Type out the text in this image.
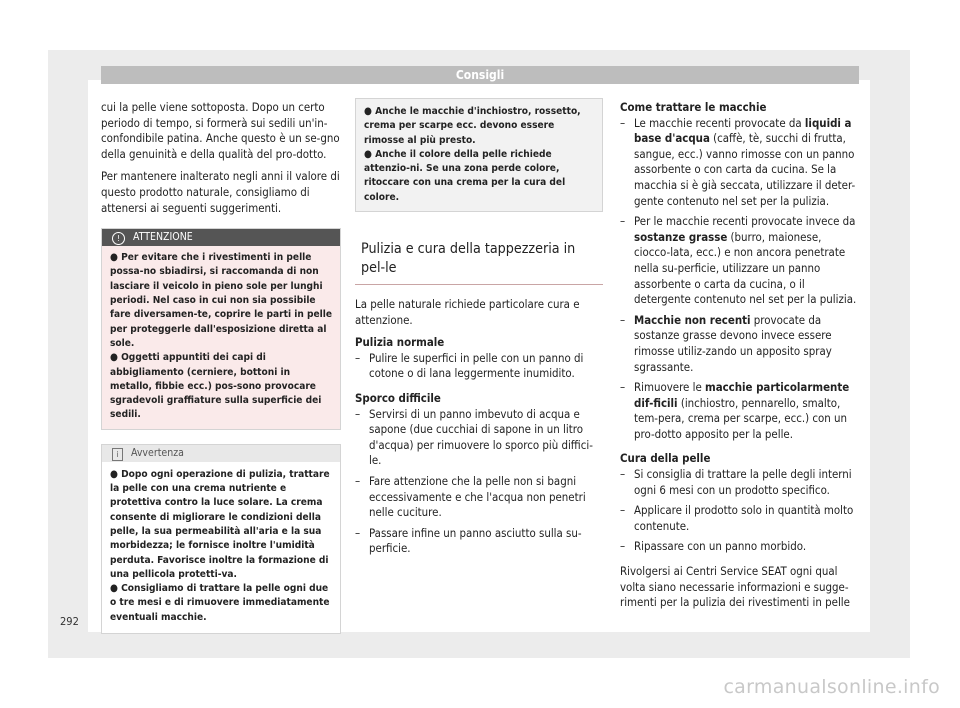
Consigli

cui la pelle viene sottoposta. Dopo un certo periodo di tempo, si formerà sui sedili un'in-confondibile patina. Anche questo è un se-gno della genuinità e della qualità del pro-dotto.

Per mantenere inalterato negli anni il valore di questo prodotto naturale, consigliamo di attenersi ai seguenti suggerimenti.

! ATTENZIONE

● Per evitare che i rivestimenti in pelle possa-no sbiadirsi, si raccomanda di non lasciare il veicolo in pieno sole per lunghi periodi. Nel caso in cui non sia possibile fare diversamen-te, coprire le parti in pelle per proteggerle dall'esposizione diretta al sole.

● Oggetti appuntiti dei capi di abbigliamento (cerniere, bottoni in metallo, fibbie ecc.) pos-sono provocare sgradevoli graffiature sulla superficie dei sedili.

i Avvertenza

● Dopo ogni operazione di pulizia, trattare la pelle con una crema nutriente e protettiva contro la luce solare. La crema consente di migliorare le condizioni della pelle, la sua permeabilità all'aria e la sua morbidezza; le fornisce inoltre l'umidità perduta. Favorisce inoltre la formazione di una pellicola protetti-va.

● Consigliamo di trattare la pelle ogni due o tre mesi e di rimuovere immediatamente eventuali macchie.

● Anche le macchie d'inchiostro, rossetto, crema per scarpe ecc. devono essere rimosse al più presto.

● Anche il colore della pelle richiede attenzio-ni. Se una zona perde colore, ritoccare con una crema per la cura del colore.

Pulizia e cura della tappezzeria in pel-le

La pelle naturale richiede particolare cura e attenzione.

Pulizia normale
– Pulire le superfici in pelle con un panno di cotone o di lana leggermente inumidito.
Sporco difficile
– Servirsi di un panno imbevuto di acqua e sapone (due cucchiai di sapone in un litro d'acqua) per rimuovere lo sporco più diffici-le.
– Fare attenzione che la pelle non si bagni eccessivamente e che l'acqua non penetri nelle cuciture.
– Passare infine un panno asciutto sulla su-perficie.
Come trattare le macchie
– Le macchie recenti provocate da liquidi a base d'acqua (caffè, tè, succhi di frutta, sangue, ecc.) vanno rimosse con un panno assorbente o con carta da cucina. Se la macchia si è già seccata, utilizzare il deter-gente contenuto nel set per la pulizia.
– Per le macchie recenti provocate invece da sostanze grasse (burro, maionese, ciocco-lata, ecc.) e non ancora penetrate nella su-perficie, utilizzare un panno assorbente o carta da cucina, o il detergente contenuto nel set per la pulizia.
– Macchie non recenti provocate da sostanze grasse devono invece essere rimosse utiliz-zando un apposito spray sgrassante.
– Rimuovere le macchie particolarmente dif-ficili (inchiostro, pennarello, smalto, tem-pera, crema per scarpe, ecc.) con un pro-dotto apposito per la pelle.
Cura della pelle
– Si consiglia di trattare la pelle degli interni ogni 6 mesi con un prodotto specifico.
– Applicare il prodotto solo in quantità molto contenute.
– Ripassare con un panno morbido.

Rivolgersi ai Centri Service SEAT ogni qual volta siano necessarie informazioni e sugge-rimenti per la pulizia dei rivestimenti in pelle

292
carmanualsonline.info
